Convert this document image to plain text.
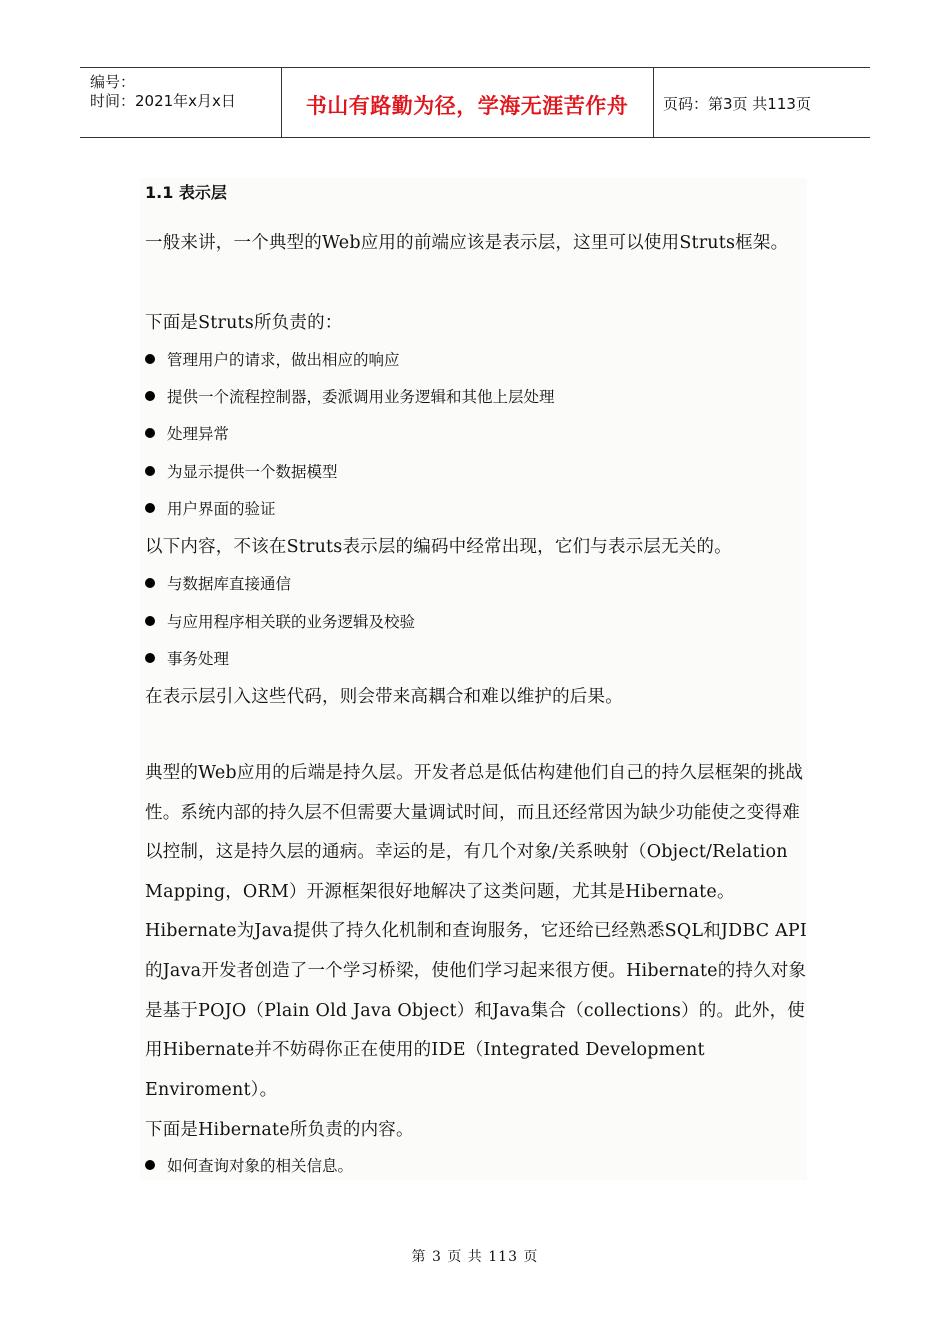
编号：
时间：2021年x月x日	书山有路勤为径，学海无涯苦作舟	页码：第3页 共113页
1.1 表示层

一般来讲，一个典型的Web应用的前端应该是表示层，这里可以使用Struts框架。

下面是Struts所负责的：

管理用户的请求，做出相应的响应
提供一个流程控制器，委派调用业务逻辑和其他上层处理
处理异常
为显示提供一个数据模型
用户界面的验证

以下内容，不该在Struts表示层的编码中经常出现，它们与表示层无关的。

与数据库直接通信
与应用程序相关联的业务逻辑及校验
事务处理

在表示层引入这些代码，则会带来高耦合和难以维护的后果。

典型的Web应用的后端是持久层。开发者总是低估构建他们自己的持久层框架的挑战性。系统内部的持久层不但需要大量调试时间，而且还经常因为缺少功能使之变得难以控制，这是持久层的通病。幸运的是，有几个对象/关系映射（Object/Relation Mapping，ORM）开源框架很好地解决了这类问题，尤其是Hibernate。Hibernate为Java提供了持久化机制和查询服务，它还给已经熟悉SQL和JDBC API的Java开发者创造了一个学习桥梁，使他们学习起来很方便。Hibernate的持久对象是基于POJO（Plain Old Java Object）和Java集合（collections）的。此外，使用Hibernate并不妨碍你正在使用的IDE（Integrated Development Enviroment）。

下面是Hibernate所负责的内容。

如何查询对象的相关信息。
第 3 页 共 113 页
